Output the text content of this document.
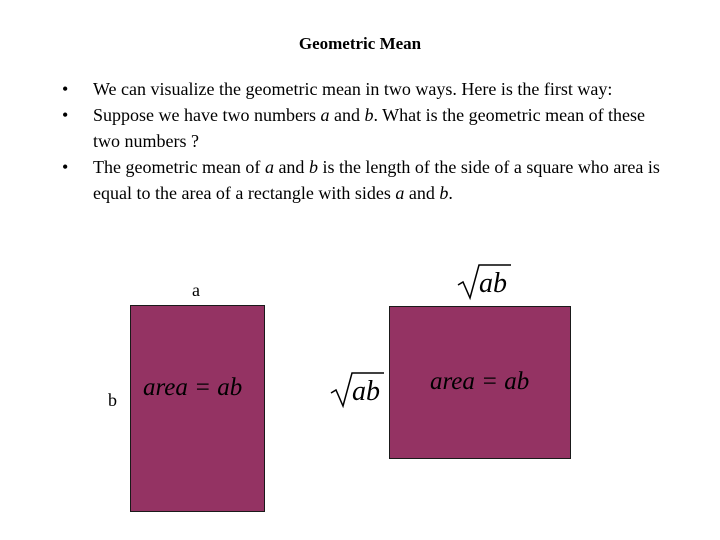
Geometric Mean
• We can visualize the geometric mean in two ways. Here is the first way:
• Suppose we have two numbers a and b. What is the geometric mean of these two numbers ?
• The geometric mean of a and b is the length of the side of a square who area is equal to the area of a rectangle with sides a and b.
a
b area = ab
ab
ab area = ab
